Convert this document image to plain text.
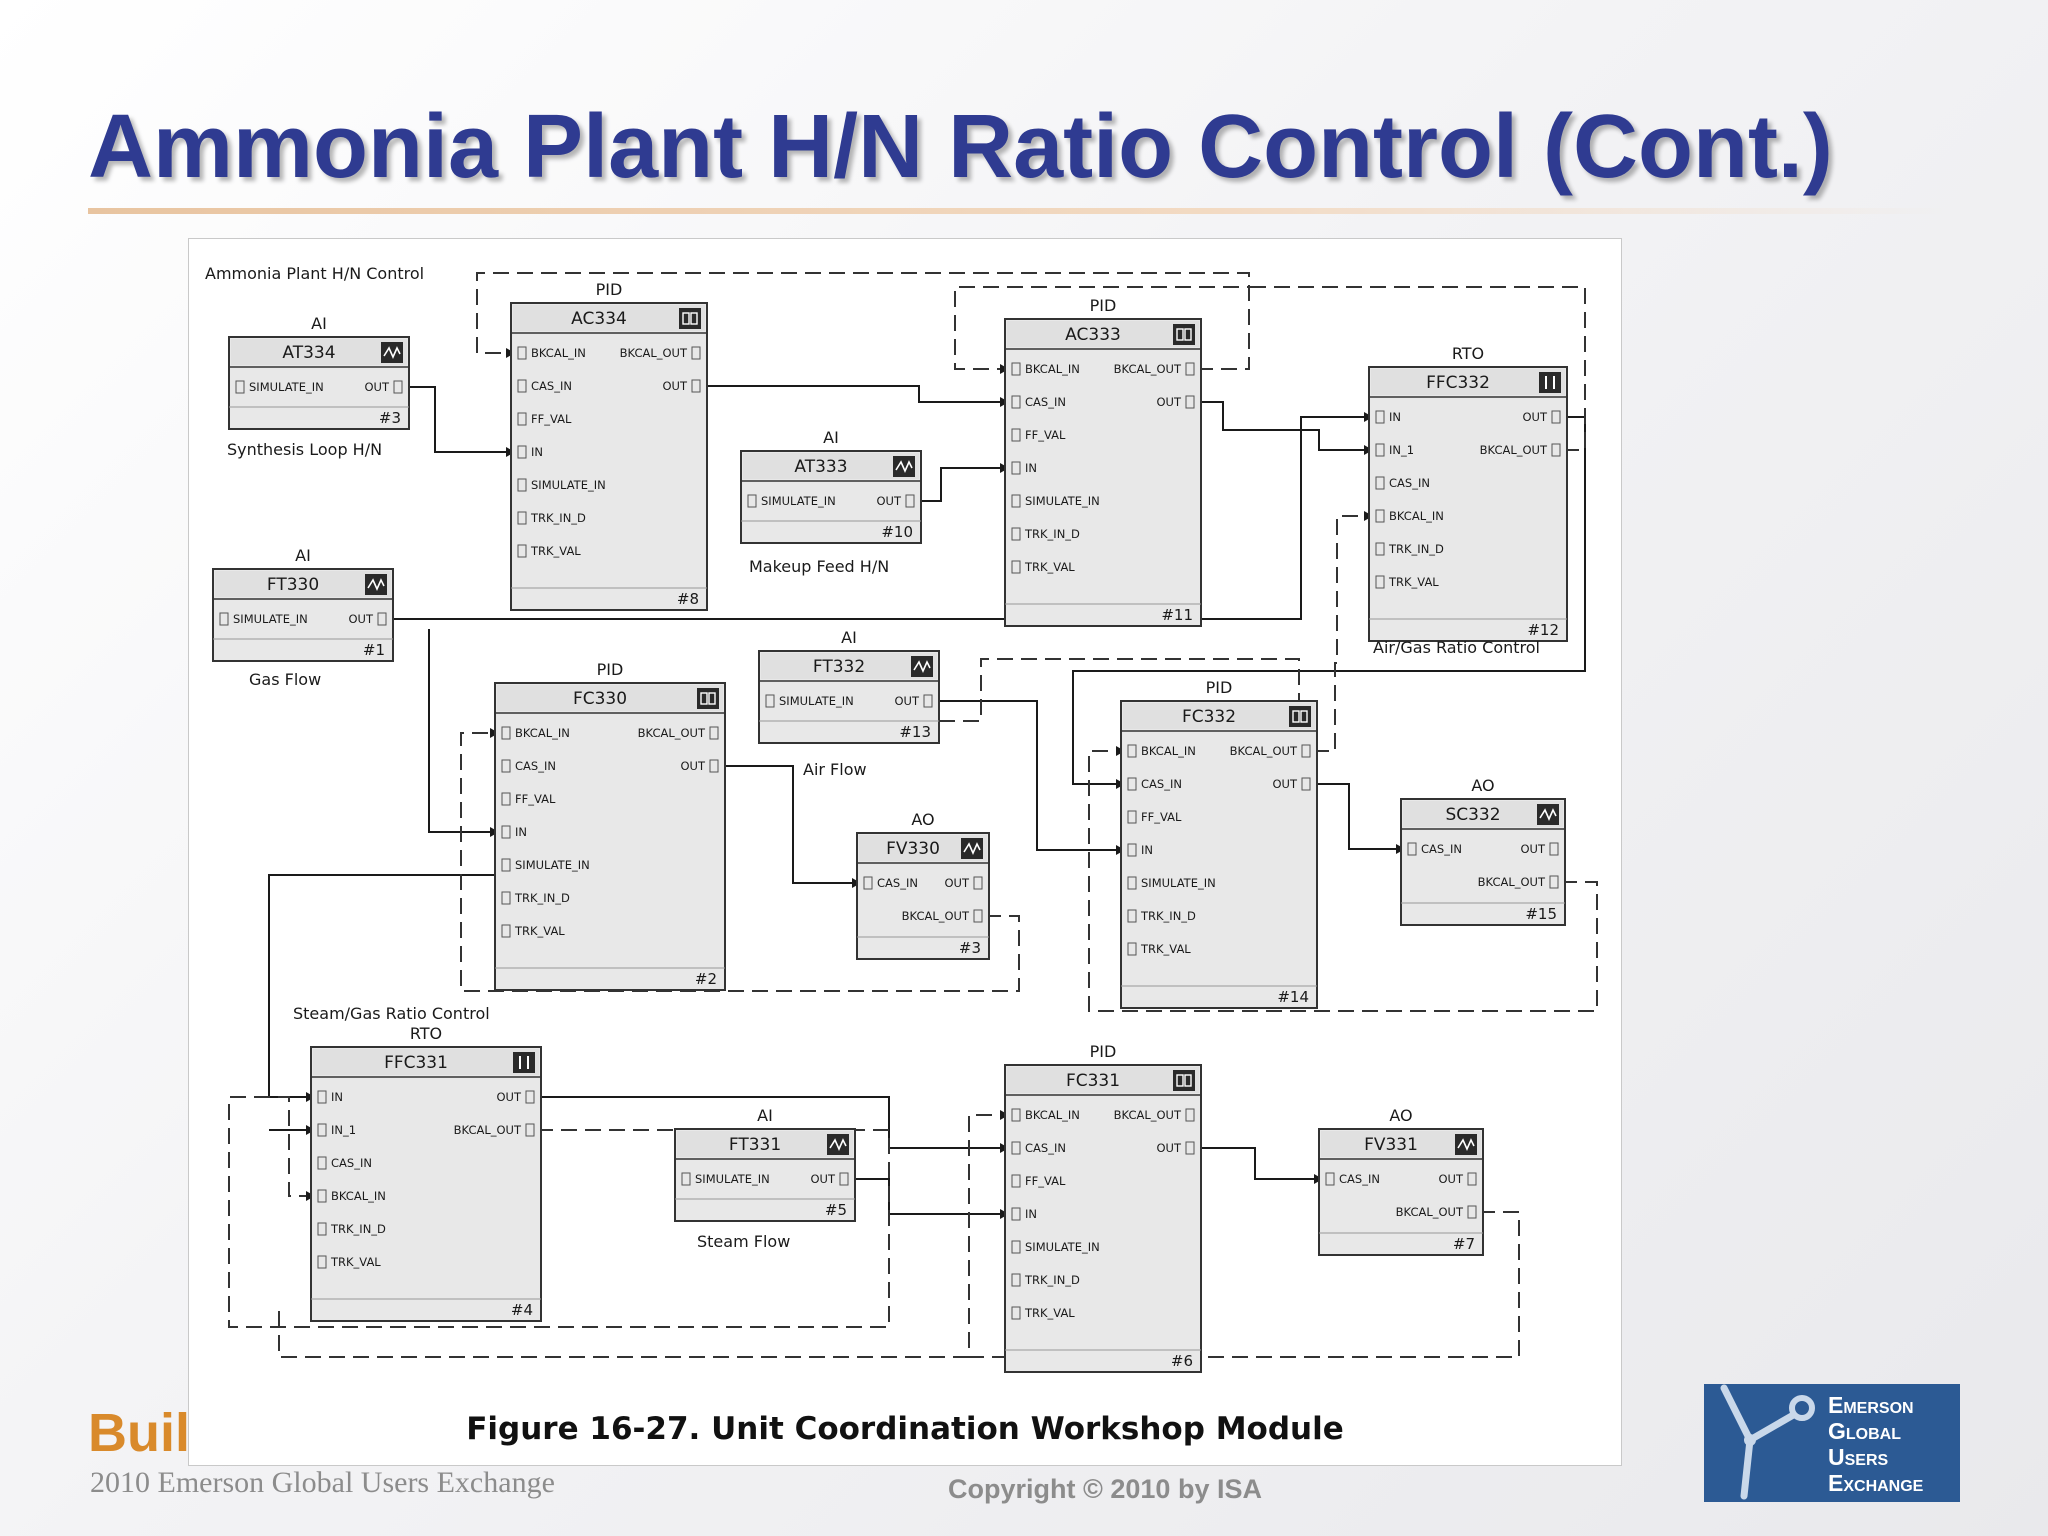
Ammonia Plant H/N Ratio Control (Cont.)
Ammonia Plant H/N Control
AI
AT334
SIMULATE_IN	OUT
#3
PID
AC334
BKCAL_IN
CAS_IN
FF_VAL
IN
SIMULATE_IN
TRK_IN_D
TRK_VAL
BKCAL_OUT
OUT
#8
AI
AT333
SIMULATE_IN	OUT
#10
PID
AC333
BKCAL_IN
CAS_IN
FF_VAL
IN
SIMULATE_IN
TRK_IN_D
TRK_VAL
BKCAL_OUT
OUT
#11
RTO
FFC332
IN
IN_1
CAS_IN
BKCAL_IN
TRK_IN_D
TRK_VAL
OUT
BKCAL_OUT
#12
AI
FT330
SIMULATE_IN	OUT
#1
PID
FC330
BKCAL_IN
CAS_IN
FF_VAL
IN
SIMULATE_IN
TRK_IN_D
TRK_VAL
BKCAL_OUT
OUT
#2
AI
FT332
SIMULATE_IN	OUT
#13
AO
FV330
CAS_IN OUT
BKCAL_OUT
#3
PID
FC332
BKCAL_IN
CAS_IN
FF_VAL
IN
SIMULATE_IN
TRK_IN_D
TRK_VAL
BKCAL_OUT
OUT
#14
AO
SC332
CAS_IN	OUT
BKCAL_OUT
#15
RTO
FFC331
IN
IN_1
CAS_IN
BKCAL_IN
TRK_IN_D
TRK_VAL
OUT
BKCAL_OUT
#4
AI
FT331
SIMULATE_IN	OUT
#5
PID
FC331
BKCAL_IN
CAS_IN
FF_VAL
IN
SIMULATE_IN
TRK_IN_D
TRK_VAL
BKCAL_OUT
OUT
#6
AO
FV331
CAS_IN	OUT
BKCAL_OUT
#7
Synthesis Loop H/N
Makeup Feed H/N
Gas Flow
Air/Gas Ratio Control
Air Flow
Steam/Gas Ratio Control
Steam Flow
Figure 16-27. Unit Coordination Workshop Module
Buil
2010 Emerson Global Users Exchange	Copyright © 2010 by ISA
Emerson
Global
Users
Exchange
